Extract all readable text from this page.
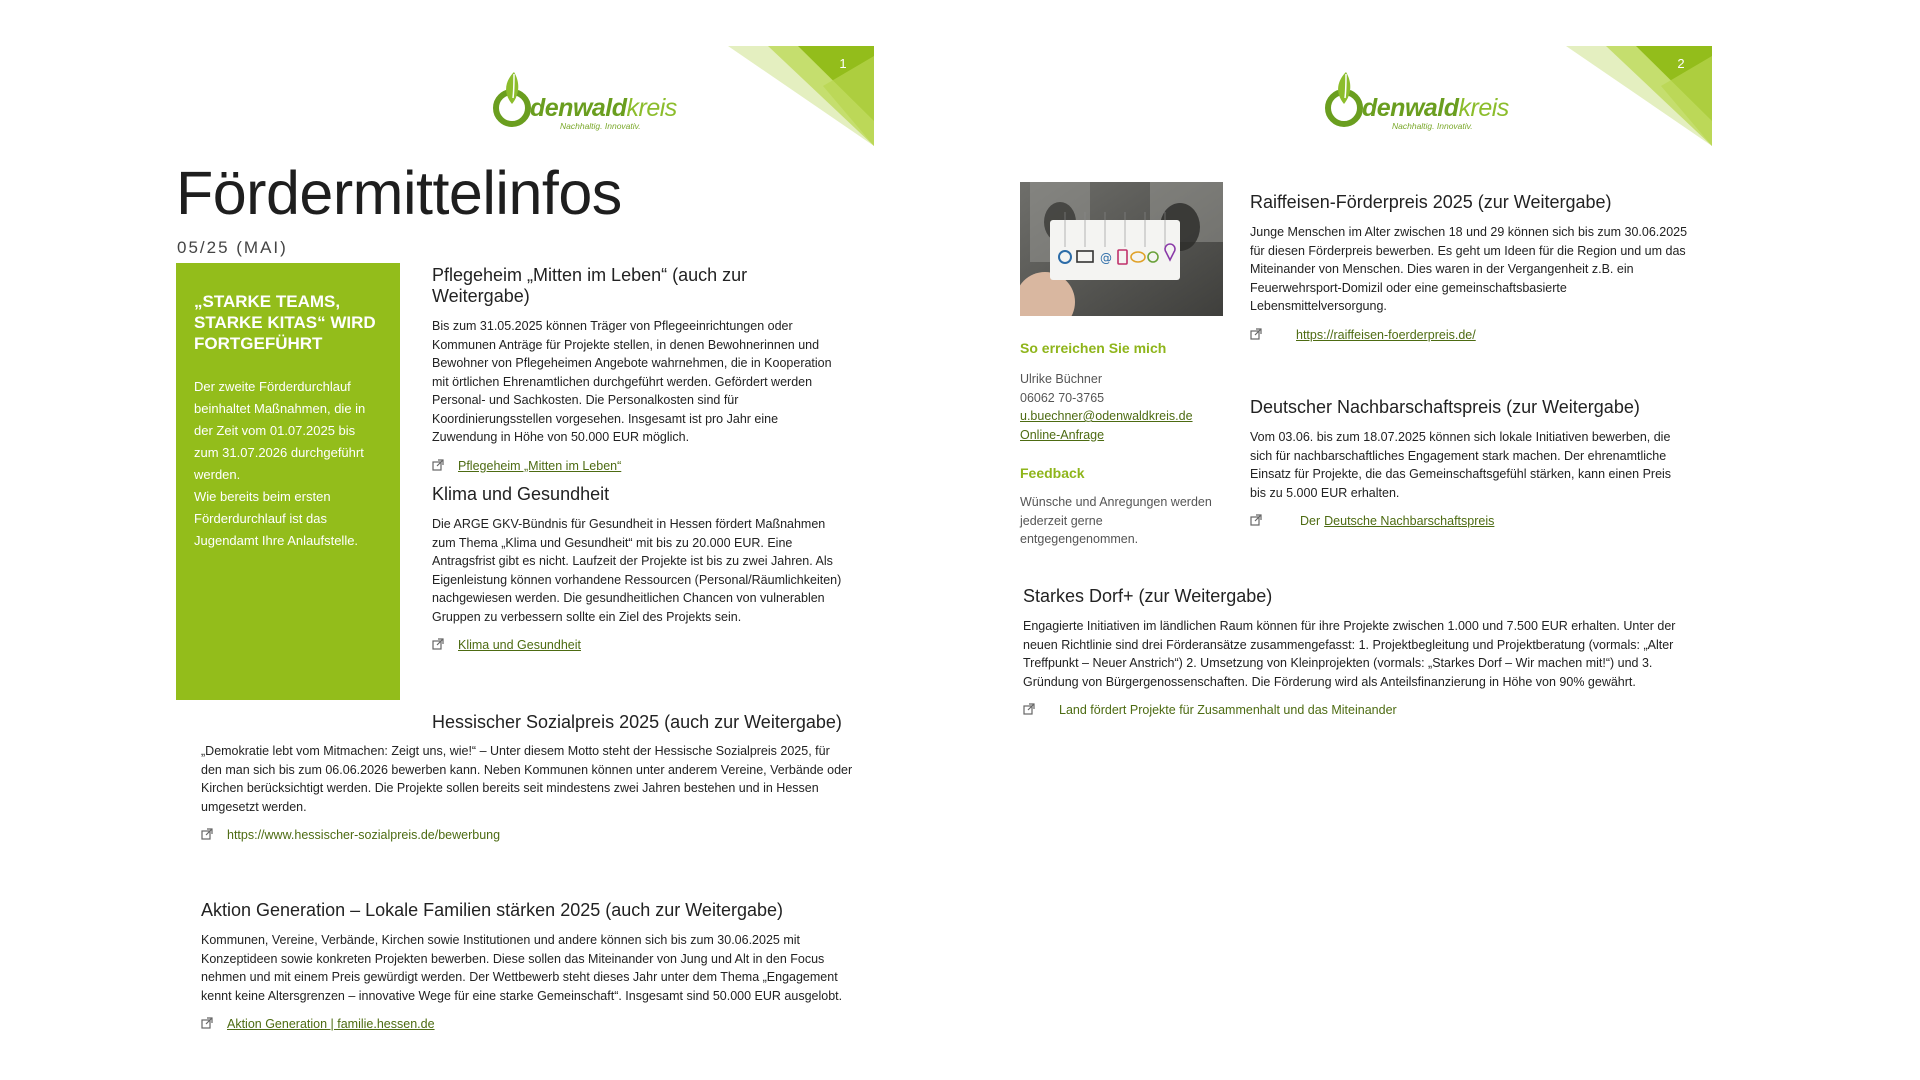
1
denwaldkreis
Nachhaltig. Innovativ.
Fördermittelinfos
05/25 (MAI)
„STARKE TEAMS, STARKE KITAS“ WIRD FORTGEFÜHRT

Der zweite Förderdurchlauf beinhaltet Maßnahmen, die in der Zeit vom 01.07.2025 bis zum 31.07.2026 durchgeführt werden.

Wie bereits beim ersten Förderdurchlauf ist das Jugendamt Ihre Anlaufstelle.

Pflegeheim „Mitten im Leben“ (auch zur Weitergabe)

Bis zum 31.05.2025 können Träger von Pflegeeinrichtungen oder Kommunen Anträge für Projekte stellen, in denen Bewohnerinnen und Bewohner von Pflegeheimen Angebote wahrnehmen, die in Kooperation mit örtlichen Ehrenamtlichen durchgeführt werden. Gefördert werden Personal- und Sachkosten. Die Personalkosten sind für Koordinierungsstellen vorgesehen. Insgesamt ist pro Jahr eine Zuwendung in Höhe von 50.000 EUR möglich.

Pflegeheim „Mitten im Leben“
Klima und Gesundheit

Die ARGE GKV-Bündnis für Gesundheit in Hessen fördert Maßnahmen zum Thema „Klima und Gesundheit“ mit bis zu 20.000 EUR. Eine Antragsfrist gibt es nicht. Laufzeit der Projekte ist bis zu zwei Jahren. Als Eigenleistung können vorhandene Ressourcen (Personal/Räumlichkeiten) nachgewiesen werden. Die gesundheitlichen Chancen von vulnerablen Gruppen zu verbessern sollte ein Ziel des Projekts sein.

Klima und Gesundheit
Hessischer Sozialpreis 2025 (auch zur Weitergabe)

„Demokratie lebt vom Mitmachen: Zeigt uns, wie!“ – Unter diesem Motto steht der Hessische Sozialpreis 2025, für den man sich bis zum 06.06.2026 bewerben kann. Neben Kommunen können unter anderem Vereine, Verbände oder Kirchen berücksichtigt werden. Die Projekte sollen bereits seit mindestens zwei Jahren bestehen und in Hessen umgesetzt werden.

https://www.hessischer-sozialpreis.de/bewerbung
Aktion Generation – Lokale Familien stärken 2025 (auch zur Weitergabe)

Kommunen, Vereine, Verbände, Kirchen sowie Institutionen und andere können sich bis zum 30.06.2025 mit Konzeptideen sowie konkreten Projekten bewerben. Diese sollen das Miteinander von Jung und Alt in den Focus nehmen und mit einem Preis gewürdigt werden. Der Wettbewerb steht dieses Jahr unter dem Thema „Engagement kennt keine Altersgrenzen – innovative Wege für eine starke Gemeinschaft“. Insgesamt sind 50.000 EUR ausgelobt.

Aktion Generation | familie.hessen.de
2
denwaldkreis
Nachhaltig. Innovativ.
@
So erreichen Sie mich

Ulrike Büchner

06062 70-3765

u.buechner@odenwaldkreis.de
Online-Anfrage
Feedback

Wünsche und Anregungen werden jederzeit gerne entgegengenommen.

Raiffeisen-Förderpreis 2025 (zur Weitergabe)

Junge Menschen im Alter zwischen 18 und 29 können sich bis zum 30.06.2025 für diesen Förderpreis bewerben. Es geht um Ideen für die Region und um das Miteinander von Menschen. Dies waren in der Vergangenheit z.B. ein Feuerwehrsport-Domizil oder eine gemeinschaftsbasierte Lebensmittelversorgung.

https://raiffeisen-foerderpreis.de/
Deutscher Nachbarschaftspreis (zur Weitergabe)

Vom 03.06. bis zum 18.07.2025 können sich lokale Initiativen bewerben, die sich für nachbarschaftliches Engagement stark machen. Der ehrenamtliche Einsatz für Projekte, die das Gemeinschaftsgefühl stärken, kann einen Preis bis zu 5.000 EUR erhalten.

Der Deutsche Nachbarschaftspreis
Starkes Dorf+ (zur Weitergabe)

Engagierte Initiativen im ländlichen Raum können für ihre Projekte zwischen 1.000 und 7.500 EUR erhalten. Unter der neuen Richtlinie sind drei Förderansätze zusammengefasst: 1. Projektbegleitung und Projektberatung (vormals: „Alter Treffpunkt – Neuer Anstrich“) 2. Umsetzung von Kleinprojekten (vormals: „Starkes Dorf – Wir machen mit!“) und 3. Gründung von Bürgergenossenschaften. Die Förderung wird als Anteilsfinanzierung in Höhe von 90% gewährt.

Land fördert Projekte für Zusammenhalt und das Miteinander
